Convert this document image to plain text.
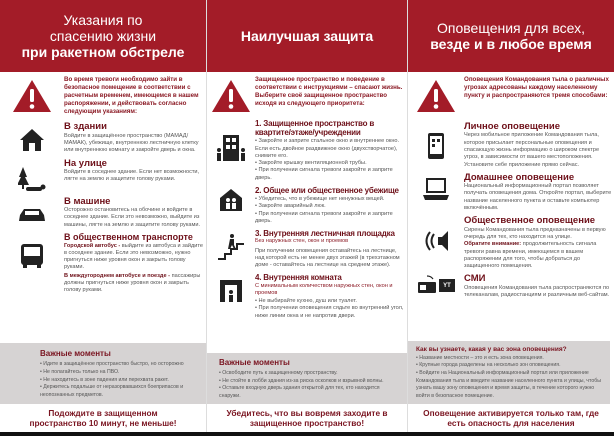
Указания по
спасению жизни
при ракетном обстреле
Во время тревоги необходимо зайти в безопасное помещение в соответствии с расчетным временем, имеющемся в нашем распоряжении, и действовать согласно следующим указаниям:
В здании
Войдите в защищённое пространство (МАМАД/МАМАК), убежище, внутреннюю лестничную клетку или внутреннюю комнату и закройте дверь и окна.
На улице
Войдите в соседнее здание. Если нет возможности, лягте на землю и защитите голову руками.
В машине
Осторожно остановитесь на обочине и войдите в соседнее здание. Если это невозможно, выйдите из машины, лягте на землю и защитите голову руками.
В общественном транспорте
Городской автобус - выйдите из автобуса и зайдите в соседнее здание. Если это невозможно, нужно пригнуться ниже уровня окон и закрыть голову руками.
В междугороднем автобусе и поезде - пассажиры должны пригнуться ниже уровня окон и закрыть голову руками.
Важные моменты
• Идите в защищённое пространство быстро, но осторожно
• Не полагайтесь только на ПВО.
• Не находитесь в зоне падения или перехвата ракет.
• Держитесь подальше от неразорвавшихся боеприпасов и неопознанных предметов.
Подождите в защищенном пространство 10 минут, не меньше!
Наилучшая защита
Защищенное пространство и поведение в соответствии с инструкциями – спасают жизнь. Выберите своё защищенное пространство исходя из следующего приоритета:
1. Защищенное пространство в квартите/этаже/учреждении
• Закройте и заприте стальное окно и внутреннее окно. Если есть двойное раздвижное окно (двухстворчатое), снимите его.
• Закройте крышку вентиляционной трубы.
• При получении сигнала тревоги закройте и заприте дверь.
2. Общее или общественное убежище
• Убедитесь, что в убежище нет ненужных вещей.
• Закройте аварийный люк.
• При получении сигнала тревоги закройте и заприте дверь.
3. Внутренняя лестничная площадка
Без наружных стен, окон и проемов
При получении оповещения оставайтесь на лестнице, над которой есть не менее двух этажей (в трехэтажном доме - оставайтесь на лестнице на среднем этаже).
4. Внутренняя комната
С минимальным количеством наружных стен, окон и проемов
• Не выбирайте кухню, душ или туалет.
• При получении оповещения сядьте во внутренний угол, ниже линии окна и не напротив двери.
Важные моменты
• Освободите путь к защищенному пространству.
• Не стойте в лобби здания из-за риска осколков и взрывной волны.
• Оставьте входную дверь здания открытой для тех, кто находится снаружи.
Убедитесь, что вы вовремя заходите в защищенное пространство!
Оповещения для всех,
везде и в любое время
Оповещения Командования тыла о различных угрозах адресованы каждому населенному пункту и распространяются тремя способами:
Личное оповещение
Через мобильное приложение Командования тыла, которое присылает персональные оповещения и спасающую жизнь информацию о широком спектре угроз, в зависимости от вашего местоположения. Установите себе приложение прямо сейчас.
Домашнее оповещение
Национальный информационный портал позволяет получать оповещения дома. Откройте портал, выберите название населенного пункта и оставьте компьютер включённым.
Общественное оповещение
Сирены Командования тыла предназначены в первую очередь для тех, кто находится на улице.
Обратите внимание: продолжительность сигнала тревоги равна времени, имеющемся в вашем распоряжении для того, чтобы добраться до защищенного помещения.
YT
СМИ
Оповещения Командования тыла распространяются по телеканалам, радиостанциям и различным веб-сайтам.
Как вы узнаете, какая у вас зона оповещения?
• Название местности – это и есть зона оповещения.
• Крупные города разделены на несколько зон оповещения.
• Войдите на Национальный информационный портал или приложение Командования тыла и введите название населенного пункта и улицы, чтобы узнать вашу зону оповещения и время защиты, в течение которого нужно войти в безопасное помещение.
Оповещение активируется только там, где есть опасность для населения
